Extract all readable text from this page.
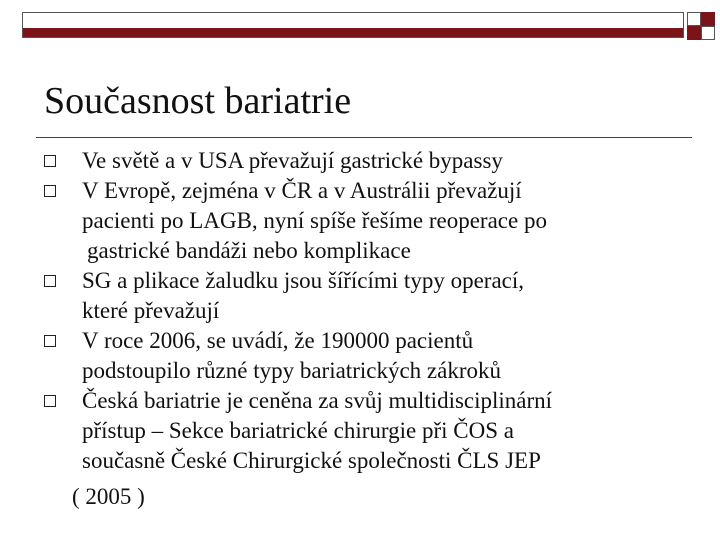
Současnost bariatrie
Ve světě a v USA převažují gastrické bypassy
V Evropě, zejména v ČR a v Austrálii převažují
pacienti po LAGB, nyní spíše řešíme reoperace po
gastrické bandáži nebo komplikace
SG a plikace žaludku jsou šířícími typy operací,
které převažují
V roce 2006, se uvádí, že 190000 pacientů
podstoupilo různé typy bariatrických zákroků
Česká bariatrie je ceněna za svůj multidisciplinární
přístup – Sekce bariatrické chirurgie při ČOS a
současně České Chirurgické společnosti ČLS JEP
( 2005 )
